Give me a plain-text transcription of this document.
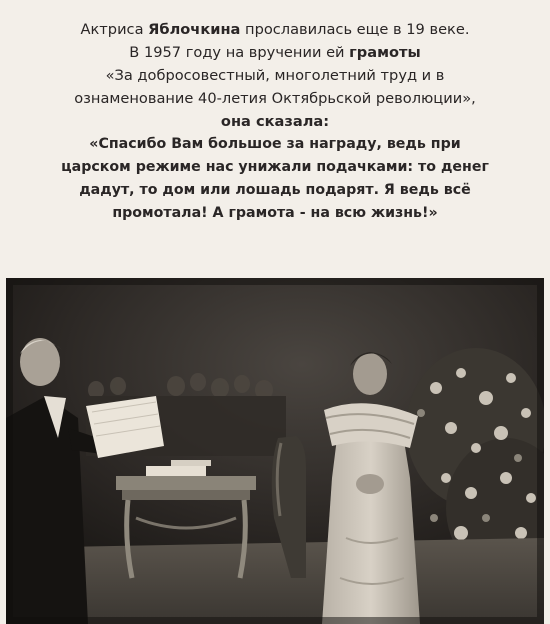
Актриса Яблочкина прославилась еще в 19 веке.
В 1957 году на вручении ей грамоты
«За добросовестный, многолетний труд и в
ознаменование 40-летия Октябрьской революции»,
она сказала:
«Спасибо Вам большое за награду, ведь при
царском режиме нас унижали подачками: то денег
дадут, то дом или лошадь подарят. Я ведь всё
промотала! А грамота - на всю жизнь!»
